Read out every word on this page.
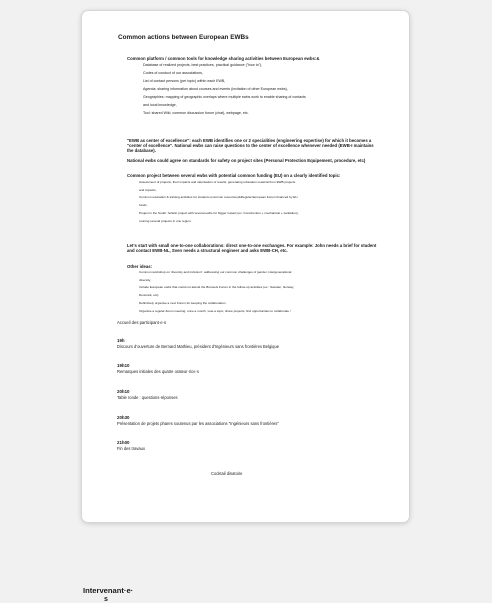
Common actions between European EWBs
Common platform / common tools for knowledge sharing activities between European ewbs:&
Database of realized projects, best practices, practical guidance ("how to"),
Codes of conduct of our associations,
List of contact persons (per topic) within each EWB,
Agenda: sharing information about courses and events (invitation of other European ewbs),
Geographies: mapping of geographic overlaps where multiple ewbs work to enable sharing of contacts
and local knowledge,
Tool: shared Wiki, common discussion forum (chat), webpage, etc.
"EWB as center of excellence": each EWB identifies one or 2 specialities (engineering expertise) for which it becomes a "center of excellence". National ewbs can raise questions to the center of excellence whenever needed (EWB-I maintains the database).
National ewbs could agree on standards for safety on project sites (Personal Protection Equipement, procedure, etc)
Common project between several ewbs with potential common funding (EU) on a clearly identified topic:
Assessment of projects, their impacts and valorisation of results; generating education material from EWB projects
and impacts,
Common education & training activities for students (common resources)&Regular European Forum financed by EU
funds,
Project in the South: holistic project with several ewbs for bigger impact (ex. Construction + mechanical + sanitation),
running several projects in one region.
Let's start with small one-to-one collaborations: direct one-to-one exchanges. For example: John needs a brief for student and contact EWB-NL, Sven needs a structural engineer and asks EWB-CH, etc.
Other ideas:
Common workshop on 'diversity and inclusion': addressing our common challenges of gender, intergenerational
diversity,
Include European ewbs that could not attend the Brussels Forum in the follow-up activities (ex.: Sweden, Norway,
Denmark, etc)
Definitively organise a next Forum for keeping the collaboration
Organise a regular Zoom meeting: once a month, vote a topic, share projects, find opportunities to collaborate !
Accueil des participant·e·s
19h
Discours d'ouverture de Bernard Mathieu, président d'Ingénieurs sans frontières Belgique
19h10
Remarques initiales des quatre orateur·rice·s
20h10
Table ronde : questions-réponses
20h30
Présentation de projets phares soutenus par les associations "Ingénieurs sans frontières"
21h00
Fin des travaux
Cocktail dinatoire
Intervenant·e·
s
